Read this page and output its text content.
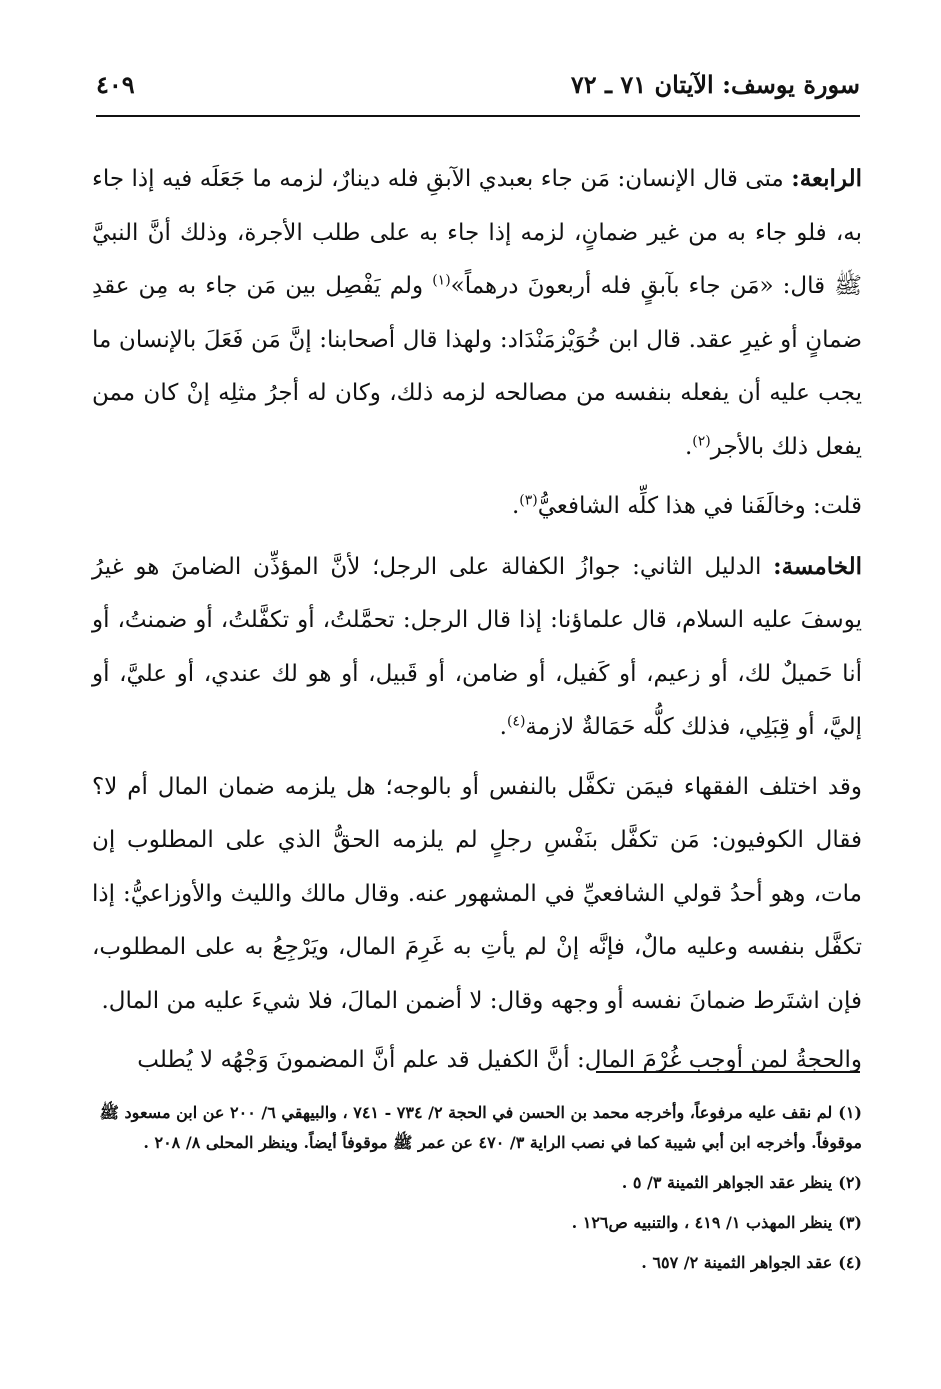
سورة يوسف: الآيتان ٧١ ـ ٧٢
٤٠٩

الرابعة: متى قال الإنسان: مَن جاء بعبدي الآبقِ فله دينارٌ، لزمه ما جَعَلَه فيه إذا جاء به، فلو جاء به من غير ضمانٍ، لزمه إذا جاء به على طلب الأجرة، وذلك أنَّ النبيَّ ﷺ قال: «مَن جاء بآبقٍ فله أربعونَ درهماً»$^{(١)}$ ولم يَفْصِل بين مَن جاء به مِن عقدِ ضمانٍ أو غيرِ عقد. قال ابن خُوَيْزمَنْدَاد: ولهذا قال أصحابنا: إنَّ مَن فَعَلَ بالإنسان ما يجب عليه أن يفعله بنفسه من مصالحه لزمه ذلك، وكان له أجرُ مثلِه إنْ كان ممن يفعل ذلك بالأجر$^{(٢)}$.

قلت: وخالَفَنا في هذا كلِّه الشافعيُّ$^{(٣)}$.

الخامسة: الدليل الثاني: جوازُ الكفالة على الرجل؛ لأنَّ المؤذِّن الضامنَ هو غيرُ يوسفَ عليه السلام، قال علماؤنا: إذا قال الرجل: تحمَّلتُ، أو تكفَّلتُ، أو ضمنتُ، أو أنا حَميلٌ لك، أو زعيم، أو كَفيل، أو ضامن، أو قَبيل، أو هو لك عندي، أو عليَّ، أو إليَّ، أو قِبَلِي، فذلك كلُّه حَمَالةٌ لازمة$^{(٤)}$.

وقد اختلف الفقهاء فيمَن تكفَّل بالنفس أو بالوجه؛ هل يلزمه ضمان المال أم لا؟ فقال الكوفيون: مَن تكفَّل بنَفْسِ رجلٍ لم يلزمه الحقُّ الذي على المطلوب إن مات، وهو أحدُ قولي الشافعيِّ في المشهور عنه. وقال مالك والليث والأوزاعيُّ: إذا تكفَّل بنفسه وعليه مالٌ، فإنَّه إنْ لم يأتِ به غَرِمَ المال، ويَرْجِعُ به على المطلوب، فإن اشتَرط ضمانَ نفسه أو وجهه وقال: لا أضمن المالَ، فلا شيءَ عليه من المال.

والحجةُ لمن أوجب غُرْمَ المال: أنَّ الكفيل قد علم أنَّ المضمونَ وَجْهُه لا يُطلب

(١)لم نقف عليه مرفوعاً، وأخرجه محمد بن الحسن في الحجة ٢/ ٧٣٤ - ٧٤١ ، والبيهقي ٦/ ٢٠٠ عن ابن مسعود ﷺ موقوفاً. وأخرجه ابن أبي شيبة كما في نصب الراية ٣/ ٤٧٠ عن عمر ﷺ موقوفاً أيضاً. وينظر المحلى ٨/ ٢٠٨ .
(٢)ينظر عقد الجواهر الثمينة ٣/ ٥ .
(٣)ينظر المهذب ١/ ٤١٩ ، والتنبيه ص١٢٦ .
(٤)عقد الجواهر الثمينة ٢/ ٦٥٧ .
